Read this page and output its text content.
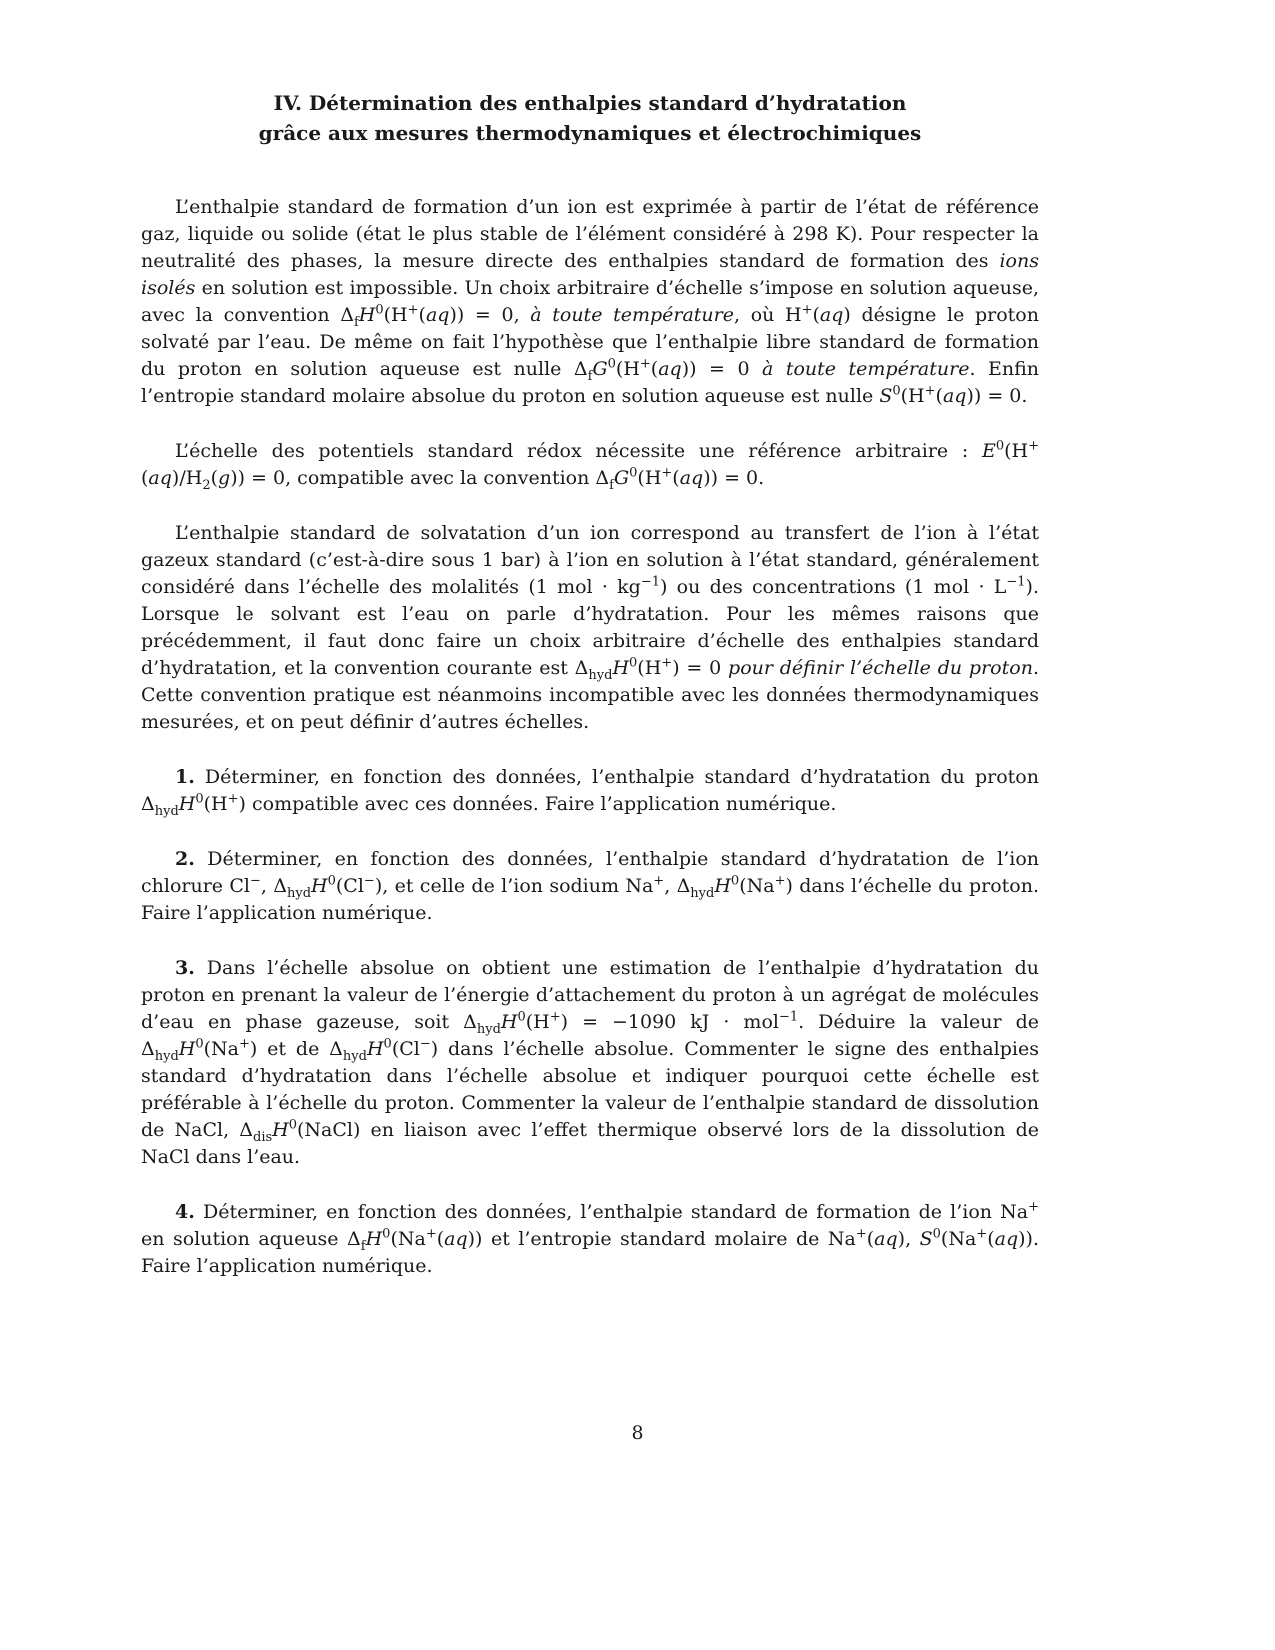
IV. Détermination des enthalpies standard d’hydratation
grâce aux mesures thermodynamiques et électrochimiques

L’enthalpie standard de formation d’un ion est exprimée à partir de l’état de référence gaz, liquide ou solide (état le plus stable de l’élément considéré à 298 K). Pour respecter la neutralité des phases, la mesure directe des enthalpies standard de formation des ions isolés en solution est impossible. Un choix arbitraire d’échelle s’impose en solution aqueuse, avec la convention $\Delta_fH^0(H^+(aq)) = 0$, à toute température, où H+(aq) désigne le proton solvaté par l’eau. De même on fait l’hypothèse que l’enthalpie libre standard de formation du proton en solution aqueuse est nulle $\Delta_fG^0(H^+(aq)) = 0$ à toute température. Enfin l’entropie standard molaire absolue du proton en solution aqueuse est nulle $S^0(H^+(aq)) = 0$.

L’échelle des potentiels standard rédox nécessite une référence arbitraire : $E^0(H^+(aq)/H_2(g)) = 0$, compatible avec la convention $\Delta_fG^0(H^+(aq)) = 0$.

L’enthalpie standard de solvatation d’un ion correspond au transfert de l’ion à l’état gazeux standard (c’est-à-dire sous 1 bar) à l’ion en solution à l’état standard, généralement considéré dans l’échelle des molalités (1 mol · $kg^{-1}$) ou des concentrations (1 mol · $L^{-1}$). Lorsque le solvant est l’eau on parle d’hydratation. Pour les mêmes raisons que précédemment, il faut donc faire un choix arbitraire d’échelle des enthalpies standard d’hydratation, et la convention courante est $\Delta_{hyd}H^0(H^+) = 0$ pour définir l’échelle du proton. Cette convention pratique est néanmoins incompatible avec les données thermodynamiques mesurées, et on peut définir d’autres échelles.

1. Déterminer, en fonction des données, l’enthalpie standard d’hydratation du proton $\Delta_{hyd}H^0(H^+)$ compatible avec ces données. Faire l’application numérique.

2. Déterminer, en fonction des données, l’enthalpie standard d’hydratation de l’ion chlorure Cl−, $\Delta_{hyd}H^0(Cl^-)$, et celle de l’ion sodium Na+, $\Delta_{hyd}H^0(Na^+)$ dans l’échelle du proton. Faire l’application numérique.

3. Dans l’échelle absolue on obtient une estimation de l’enthalpie d’hydratation du proton en prenant la valeur de l’énergie d’attachement du proton à un agrégat de molécules d’eau en phase gazeuse, soit $\Delta_{hyd}H^0(H^+) = -1090$ kJ · mol$^{-1}$. Déduire la valeur de $\Delta_{hyd}H^0(Na^+)$ et de $\Delta_{hyd}H^0(Cl^-)$ dans l’échelle absolue. Commenter le signe des enthalpies standard d’hydratation dans l’échelle absolue et indiquer pourquoi cette échelle est préférable à l’échelle du proton. Commenter la valeur de l’enthalpie standard de dissolution de NaCl, $\Delta_{dis}H^0(NaCl)$ en liaison avec l’effet thermique observé lors de la dissolution de NaCl dans l’eau.

4. Déterminer, en fonction des données, l’enthalpie standard de formation de l’ion Na+ en solution aqueuse $\Delta_fH^0(Na^+(aq))$ et l’entropie standard molaire de Na+(aq), $S^0(Na^+(aq))$. Faire l’application numérique.

8
